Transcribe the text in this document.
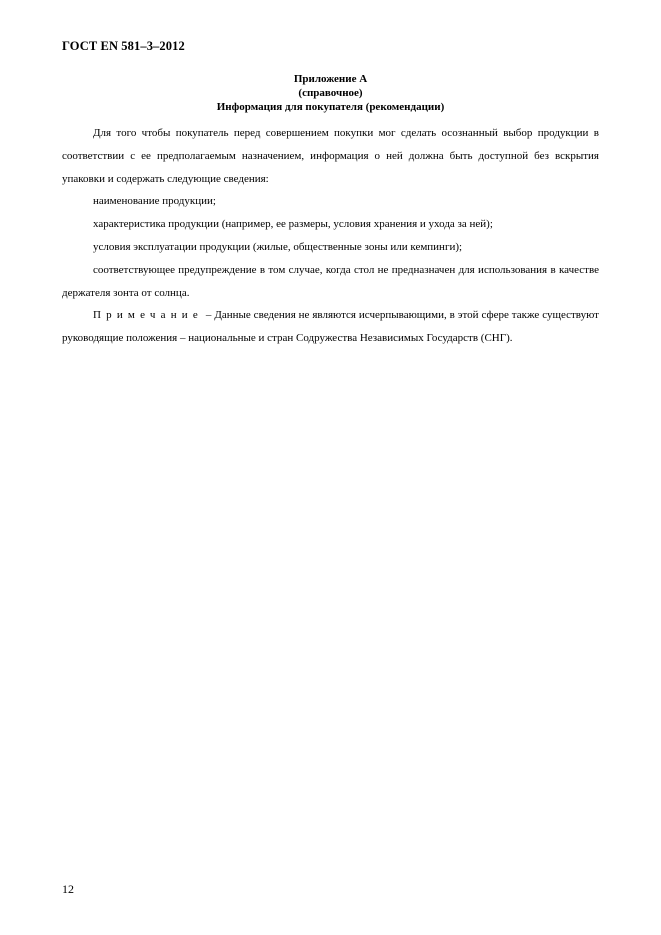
ГОСТ EN 581–3–2012
Приложение А
(справочное)
Информация для покупателя (рекомендации)

Для того чтобы покупатель перед совершением покупки мог сделать осознанный выбор продукции в соответствии с ее предполагаемым назначением, информация о ней должна быть доступной без вскрытия упаковки и содержать следующие сведения:

наименование продукции;

характеристика продукции (например, ее размеры, условия хранения и ухода за ней);

условия эксплуатации продукции (жилые, общественные зоны или кемпинги);

соответствующее предупреждение в том случае, когда стол не предназначен для использования в качестве держателя зонта от солнца.

Примечание – Данные сведения не являются исчерпывающими, в этой сфере также существуют руководящие положения – национальные и стран Содружества Независимых Государств (СНГ).

12
